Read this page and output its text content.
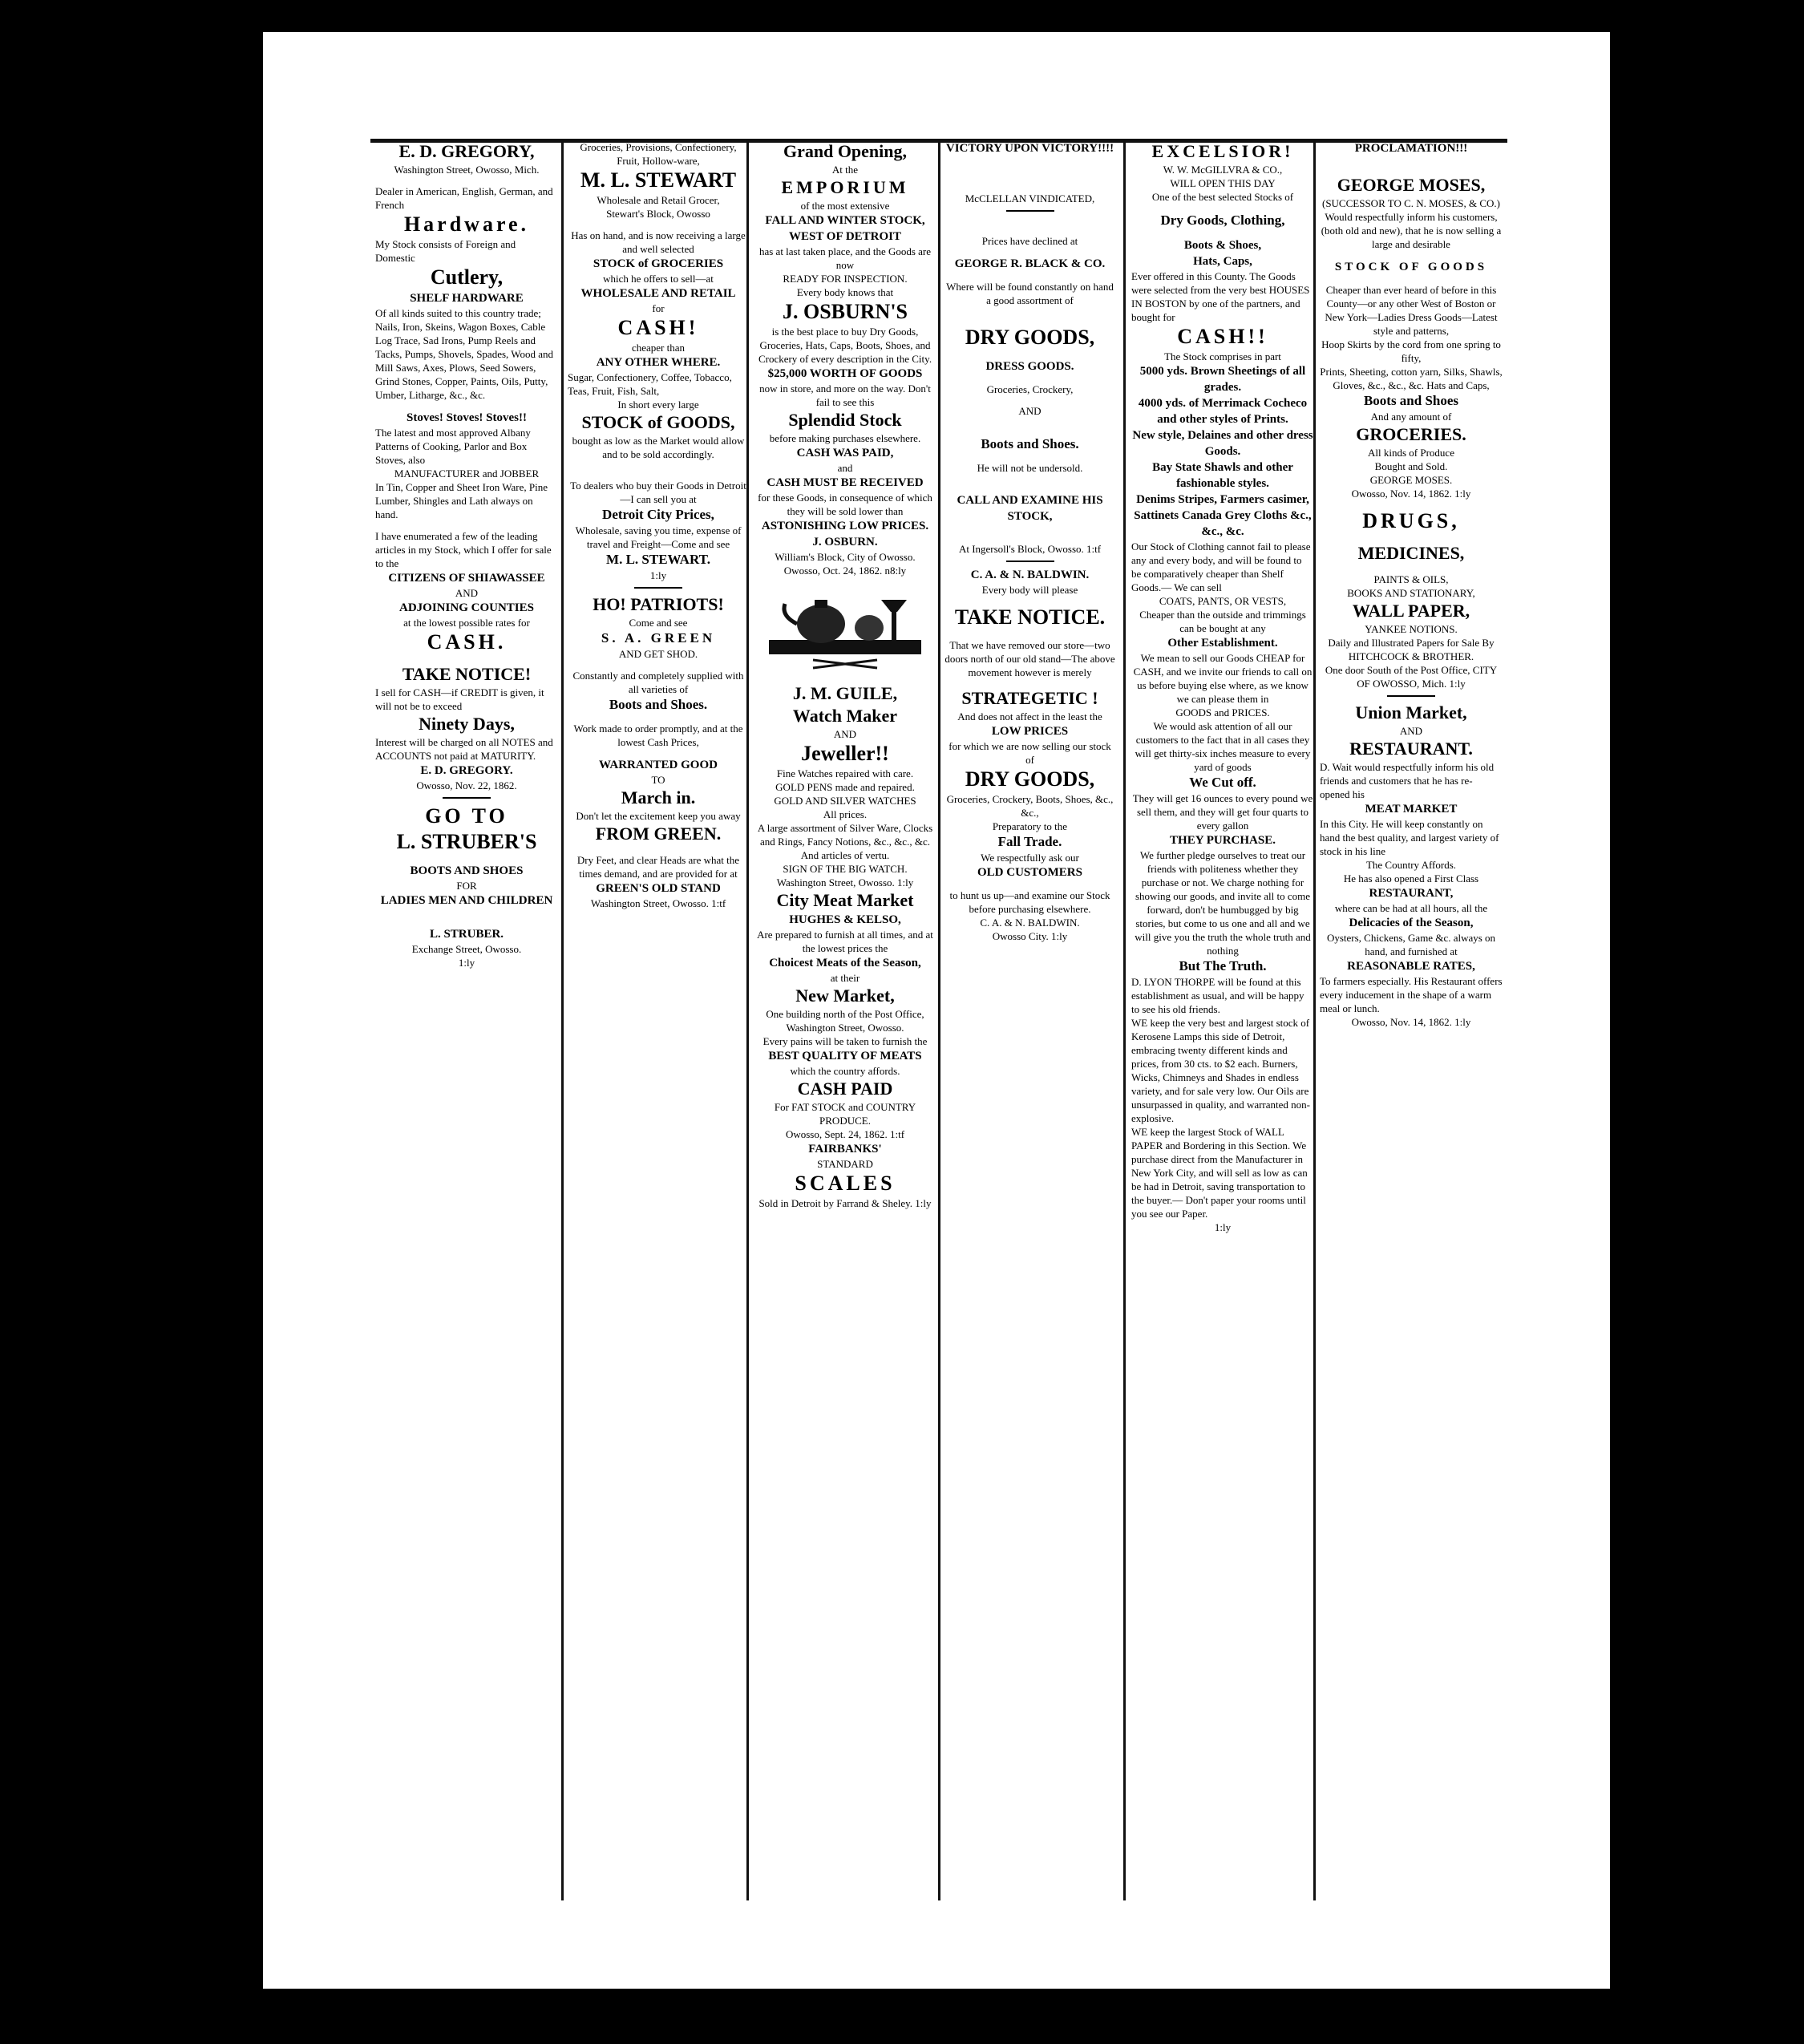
E. D. GREGORY,
Washington Street, Owosso, Mich.
Dealer in American, English, German, and French
Hardware.
My Stock consists of Foreign and Domestic
Cutlery,
SHELF HARDWARE
Of all kinds suited to this country trade; Nails, Iron, Skeins, Wagon Boxes, Cable Log Trace, Sad Irons, Pump Reels and Tacks, Pumps, Shovels, Spades, Wood and Mill Saws, Axes, Plows, Seed Sowers, Grind Stones, Copper, Paints, Oils, Putty, Umber, Litharge, &c., &c.
Stoves! Stoves! Stoves!!
The latest and most approved Albany Patterns of Cooking, Parlor and Box Stoves, also
MANUFACTURER and JOBBER
In Tin, Copper and Sheet Iron Ware, Pine Lumber, Shingles and Lath always on hand.
I have enumerated a few of the leading articles in my Stock, which I offer for sale to the
CITIZENS OF SHIAWASSEE
AND
ADJOINING COUNTIES
at the lowest possible rates for
CASH.
TAKE NOTICE!
I sell for CASH—if CREDIT is given, it will not be to exceed
Ninety Days,
Interest will be charged on all NOTES and ACCOUNTS not paid at MATURITY.
E. D. GREGORY.
Owosso, Nov. 22, 1862.
GO TO
L. STRUBER'S
BOOTS AND SHOES
FOR
LADIES MEN AND CHILDREN
L. STRUBER.
Exchange Street, Owosso.
1:ly
Groceries, Provisions, Confectionery, Fruit, Hollow-ware,
M. L. STEWART
Wholesale and Retail Grocer,
Stewart's Block, Owosso
Has on hand, and is now receiving a large and well selected
STOCK of GROCERIES
which he offers to sell—at
WHOLESALE AND RETAIL
for
CASH!
cheaper than
ANY OTHER WHERE.
Sugar, Confectionery, Coffee, Tobacco, Teas, Fruit, Fish, Salt,
In short every large
STOCK of GOODS,
bought as low as the Market would allow and to be sold accordingly.
To dealers who buy their Goods in Detroit—I can sell you at
Detroit City Prices,
Wholesale, saving you time, expense of travel and Freight—Come and see
M. L. STEWART.
1:ly
HO! PATRIOTS!
Come and see
S. A. GREEN
AND GET SHOD.
Constantly and completely supplied with all varieties of
Boots and Shoes.
Work made to order promptly, and at the lowest Cash Prices,
WARRANTED GOOD
TO
March in.
Don't let the excitement keep you away
FROM GREEN.
Dry Feet, and clear Heads are what the times demand, and are provided for at
GREEN'S OLD STAND
Washington Street, Owosso. 1:tf
Grand Opening,
At the
EMPORIUM
of the most extensive
FALL AND WINTER STOCK,
WEST OF DETROIT
has at last taken place, and the Goods are now
READY FOR INSPECTION.
Every body knows that
J. OSBURN'S
is the best place to buy Dry Goods, Groceries, Hats, Caps, Boots, Shoes, and Crockery of every description in the City.
$25,000 WORTH OF GOODS
now in store, and more on the way. Don't fail to see this
Splendid Stock
before making purchases elsewhere.
CASH WAS PAID,
and
CASH MUST BE RECEIVED
for these Goods, in consequence of which they will be sold lower than
ASTONISHING LOW PRICES.
J. OSBURN.
William's Block, City of Owosso.
Owosso, Oct. 24, 1862. n8:ly
J. M. GUILE,
Watch Maker
AND
Jeweller!!
Fine Watches repaired with care.
GOLD PENS made and repaired.
GOLD AND SILVER WATCHES
All prices.
A large assortment of Silver Ware, Clocks and Rings, Fancy Notions, &c., &c., &c.
And articles of vertu.
SIGN OF THE BIG WATCH.
Washington Street, Owosso. 1:ly
City Meat Market
HUGHES & KELSO,
Are prepared to furnish at all times, and at the lowest prices the
Choicest Meats of the Season,
at their
New Market,
One building north of the Post Office, Washington Street, Owosso.
Every pains will be taken to furnish the
BEST QUALITY OF MEATS
which the country affords.
CASH PAID
For FAT STOCK and COUNTRY PRODUCE.
Owosso, Sept. 24, 1862. 1:tf
FAIRBANKS'
STANDARD
SCALES
Sold in Detroit by Farrand & Sheley. 1:ly
VICTORY UPON VICTORY!!!!
McCLELLAN VINDICATED,
Prices have declined at
GEORGE R. BLACK & CO.
Where will be found constantly on hand a good assortment of
DRY GOODS,
DRESS GOODS.
Groceries, Crockery,
AND
Boots and Shoes.
He will not be undersold.
CALL AND EXAMINE HIS STOCK,
At Ingersoll's Block, Owosso. 1:tf
C. A. & N. BALDWIN.
Every body will please
TAKE NOTICE.
That we have removed our store—two doors north of our old stand—The above movement however is merely
STRATEGETIC !
And does not affect in the least the
LOW PRICES
for which we are now selling our stock of
DRY GOODS,
Groceries, Crockery, Boots, Shoes, &c., &c.,
Preparatory to the
Fall Trade.
We respectfully ask our
OLD CUSTOMERS
to hunt us up—and examine our Stock before purchasing elsewhere.
C. A. & N. BALDWIN.
Owosso City. 1:ly
EXCELSIOR!
W. W. McGILLVRA & CO.,
WILL OPEN THIS DAY
One of the best selected Stocks of
Dry Goods, Clothing,
Boots & Shoes,
Hats, Caps,
Ever offered in this County. The Goods were selected from the very best HOUSES IN BOSTON by one of the partners, and bought for
CASH!!
The Stock comprises in part
5000 yds. Brown Sheetings of all grades.
4000 yds. of Merrimack Cocheco and other styles of Prints.
New style, Delaines and other dress Goods.
Bay State Shawls and other fashionable styles.
Denims Stripes, Farmers casimer, Sattinets Canada Grey Cloths &c., &c., &c.
Our Stock of Clothing cannot fail to please any and every body, and will be found to be comparatively cheaper than Shelf Goods.— We can sell
COATS, PANTS, OR VESTS,
Cheaper than the outside and trimmings can be bought at any
Other Establishment.
We mean to sell our Goods CHEAP for CASH, and we invite our friends to call on us before buying else where, as we know we can please them in
GOODS and PRICES.
We would ask attention of all our customers to the fact that in all cases they will get thirty-six inches measure to every yard of goods
We Cut off.
They will get 16 ounces to every pound we sell them, and they will get four quarts to every gallon
THEY PURCHASE.
We further pledge ourselves to treat our friends with politeness whether they purchase or not. We charge nothing for showing our goods, and invite all to come forward, don't be humbugged by big stories, but come to us one and all and we will give you the truth the whole truth and nothing
But The Truth.
D. LYON THORPE will be found at this establishment as usual, and will be happy to see his old friends.
WE keep the very best and largest stock of Kerosene Lamps this side of Detroit, embracing twenty different kinds and prices, from 30 cts. to $2 each. Burners, Wicks, Chimneys and Shades in endless variety, and for sale very low. Our Oils are unsurpassed in quality, and warranted non-explosive.
WE keep the largest Stock of WALL PAPER and Bordering in this Section. We purchase direct from the Manufacturer in New York City, and will sell as low as can be had in Detroit, saving transportation to the buyer.— Don't paper your rooms until you see our Paper.
1:ly
PROCLAMATION!!!
GEORGE MOSES,
(SUCCESSOR TO C. N. MOSES, & CO.)
Would respectfully inform his customers, (both old and new), that he is now selling a large and desirable
STOCK OF GOODS
Cheaper than ever heard of before in this County—or any other West of Boston or New York—Ladies Dress Goods—Latest style and patterns,
Hoop Skirts by the cord from one spring to fifty,
Prints, Sheeting, cotton yarn, Silks, Shawls, Gloves, &c., &c., &c. Hats and Caps,
Boots and Shoes
And any amount of
GROCERIES.
All kinds of Produce
Bought and Sold.
GEORGE MOSES.
Owosso, Nov. 14, 1862. 1:ly
DRUGS,
MEDICINES,
PAINTS & OILS,
BOOKS AND STATIONARY,
WALL PAPER,
YANKEE NOTIONS.
Daily and Illustrated Papers for Sale By
HITCHCOCK & BROTHER.
One door South of the Post Office, CITY OF OWOSSO, Mich. 1:ly
Union Market,
AND
RESTAURANT.
D. Wait would respectfully inform his old friends and customers that he has re-opened his
MEAT MARKET
In this City. He will keep constantly on hand the best quality, and largest variety of stock in his line
The Country Affords.
He has also opened a First Class
RESTAURANT,
where can be had at all hours, all the
Delicacies of the Season,
Oysters, Chickens, Game &c. always on hand, and furnished at
REASONABLE RATES,
To farmers especially. His Restaurant offers every inducement in the shape of a warm meal or lunch.
Owosso, Nov. 14, 1862. 1:ly
